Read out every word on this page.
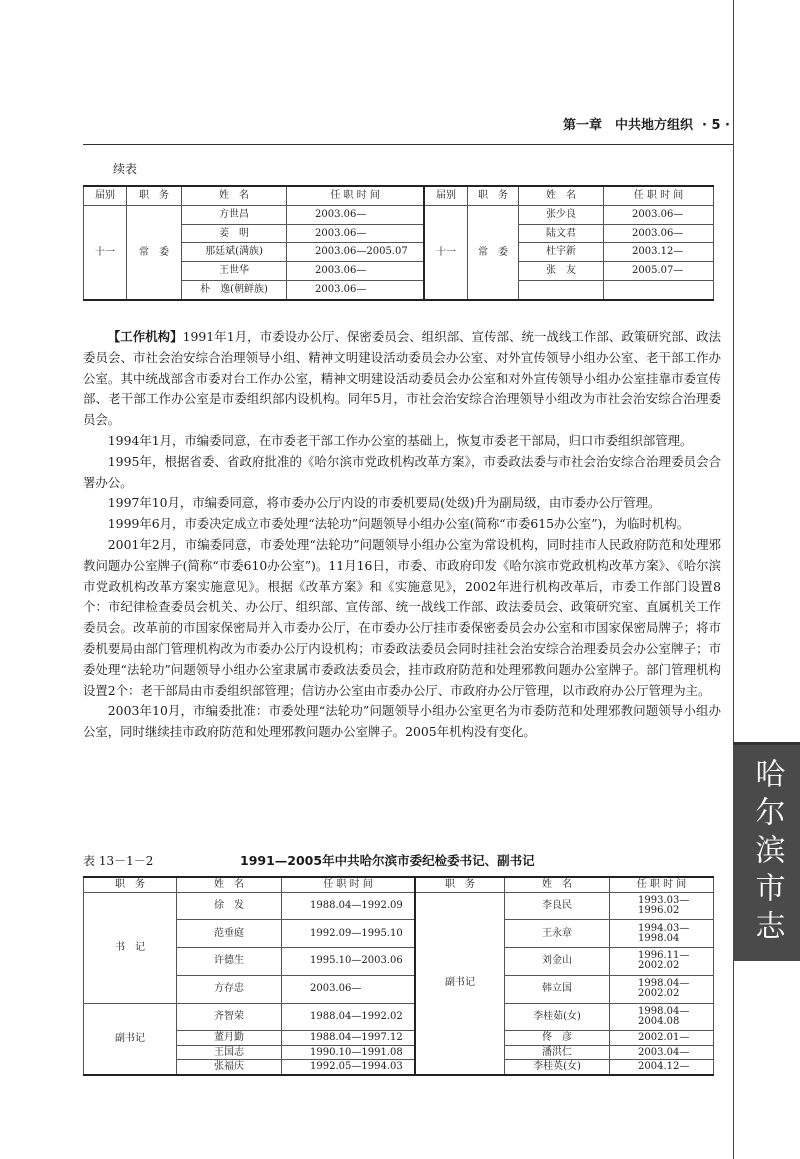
哈尔滨市志
第一章　中共地方组织 · 5 ·
续表
届别	职　务	姓　名	任 职 时 间	届别	职　务	姓　名	任 职 时 间
十一	常　委	方世昌	2003.06—	十一	常　委	张少良	2003.06—
		姜　明	2003.06—			陆文君	2003.06—
		那廷斌(满族)	2003.06—2005.07			杜宇新	2003.12—
		王世华	2003.06—			张　友	2005.07—
		朴　逸(朝鲜族)	2003.06—				

【工作机构】1991年1月，市委设办公厅、保密委员会、组织部、宣传部、统一战线工作部、政策研究部、政法委员会、市社会治安综合治理领导小组、精神文明建设活动委员会办公室、对外宣传领导小组办公室、老干部工作办公室。其中统战部含市委对台工作办公室，精神文明建设活动委员会办公室和对外宣传领导小组办公室挂靠市委宣传部、老干部工作办公室是市委组织部内设机构。同年5月，市社会治安综合治理领导小组改为市社会治安综合治理委员会。

1994年1月，市编委同意，在市委老干部工作办公室的基础上，恢复市委老干部局，归口市委组织部管理。

1995年，根据省委、省政府批准的《哈尔滨市党政机构改革方案》，市委政法委与市社会治安综合治理委员会合署办公。

1997年10月，市编委同意，将市委办公厅内设的市委机要局(处级)升为副局级，由市委办公厅管理。

1999年6月，市委决定成立市委处理“法轮功”问题领导小组办公室(简称“市委615办公室”)，为临时机构。

2001年2月，市编委同意，市委处理“法轮功”问题领导小组办公室为常设机构，同时挂市人民政府防范和处理邪教问题办公室牌子(简称“市委610办公室”)。11月16日，市委、市政府印发《哈尔滨市党政机构改革方案》、《哈尔滨市党政机构改革方案实施意见》。根据《改革方案》和《实施意见》，2002年进行机构改革后，市委工作部门设置8个：市纪律检查委员会机关、办公厅、组织部、宣传部、统一战线工作部、政法委员会、政策研究室、直属机关工作委员会。改革前的市国家保密局并入市委办公厅，在市委办公厅挂市委保密委员会办公室和市国家保密局牌子；将市委机要局由部门管理机构改为市委办公厅内设机构；市委政法委员会同时挂社会治安综合治理委员会办公室牌子；市委处理“法轮功”问题领导小组办公室隶属市委政法委员会，挂市政府防范和处理邪教问题办公室牌子。部门管理机构设置2个：老干部局由市委组织部管理；信访办公室由市委办公厅、市政府办公厅管理，以市政府办公厅管理为主。

2003年10月，市编委批准：市委处理“法轮功”问题领导小组办公室更名为市委防范和处理邪教问题领导小组办公室，同时继续挂市政府防范和处理邪教问题办公室牌子。2005年机构没有变化。

表 13－1－2	1991—2005年中共哈尔滨市委纪检委书记、副书记
职　务	姓　名	任 职 时 间	职　务	姓　名	任 职 时 间
书　记	徐　发	1988.04—1992.09	副书记	李良民	1993.03—1996.02
	范垂庭	1992.09—1995.10		王永章	1994.03—1998.04
	许德生	1995.10—2003.06		刘金山	1996.11—2002.02
	方存忠	2003.06—		韩立国	1998.04—2002.02
副书记	齐智荣	1988.04—1992.02		李桂茹(女)	1998.04—2004.08
	董月勤	1988.04—1997.12		佟　彦	2002.01—
	王国志	1990.10—1991.08		潘洪仁	2003.04—
	张福庆	1992.05—1994.03		李桂英(女)	2004.12—
